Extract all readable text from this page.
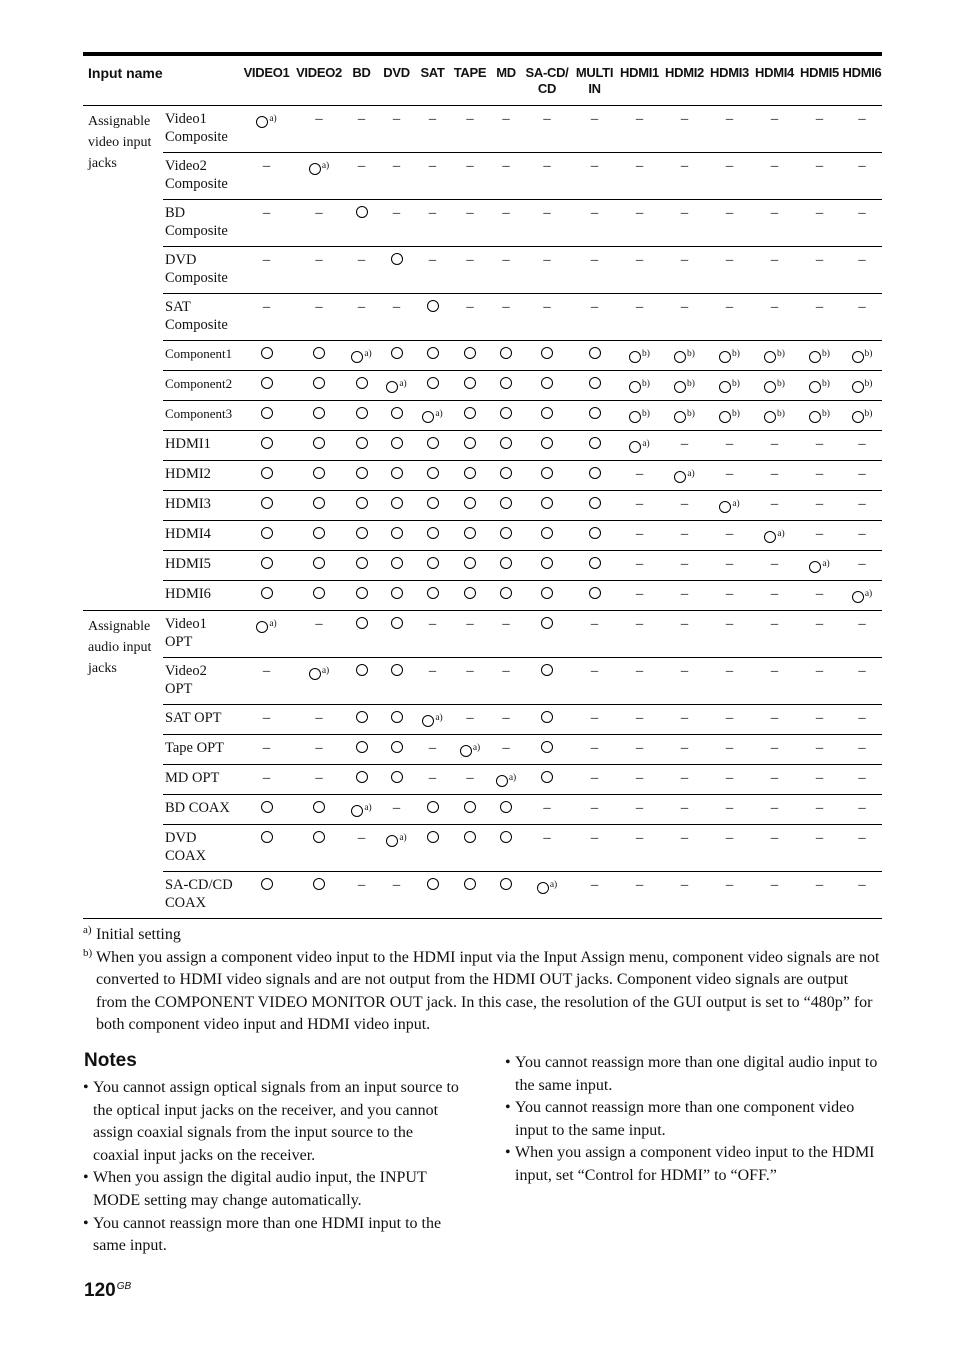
Input name		VIDEO1	VIDEO2	BD	DVD	SAT	TAPE	MD	SA-CD/
CD	MULTI
IN	HDMI1	HDMI2	HDMI3	HDMI4	HDMI5	HDMI6
Assignable
video input
jacks	Video1
Composite	$^{a)}$	–	–	–	–	–	–	–	–	–	–	–	–	–	–
	Video2
Composite	–	$^{a)}$	–	–	–	–	–	–	–	–	–	–	–	–	–
	BD
Composite	–	–		–	–	–	–	–	–	–	–	–	–	–	–
	DVD
Composite	–	–	–		–	–	–	–	–	–	–	–	–	–	–
	SAT
Composite	–	–	–	–		–	–	–	–	–	–	–	–	–	–
	Component1			$^{a)}$							$^{b)}$	$^{b)}$	$^{b)}$	$^{b)}$	$^{b)}$	$^{b)}$
	Component2				$^{a)}$						$^{b)}$	$^{b)}$	$^{b)}$	$^{b)}$	$^{b)}$	$^{b)}$
	Component3					$^{a)}$					$^{b)}$	$^{b)}$	$^{b)}$	$^{b)}$	$^{b)}$	$^{b)}$
	HDMI1										$^{a)}$	–	–	–	–	–
	HDMI2										–	$^{a)}$	–	–	–	–
	HDMI3										–	–	$^{a)}$	–	–	–
	HDMI4										–	–	–	$^{a)}$	–	–
	HDMI5										–	–	–	–	$^{a)}$	–
	HDMI6										–	–	–	–	–	$^{a)}$
Assignable
audio input
jacks	Video1
OPT	$^{a)}$	–			–	–	–		–	–	–	–	–	–	–
	Video2
OPT	–	$^{a)}$			–	–	–		–	–	–	–	–	–	–
	SAT OPT	–	–			$^{a)}$	–	–		–	–	–	–	–	–	–
	Tape OPT	–	–			–	$^{a)}$	–		–	–	–	–	–	–	–
	MD OPT	–	–			–	–	$^{a)}$		–	–	–	–	–	–	–
	BD COAX			$^{a)}$	–				–	–	–	–	–	–	–	–
	DVD
COAX			–	$^{a)}$				–	–	–	–	–	–	–	–
	SA-CD/CD
COAX			–	–				$^{a)}$	–	–	–	–	–	–	–
a) Initial setting
b) When you assign a component video input to the HDMI input via the Input Assign menu, component video signals are not converted to HDMI video signals and are not output from the HDMI OUT jacks. Component video signals are output from the COMPONENT VIDEO MONITOR OUT jack. In this case, the resolution of the GUI output is set to “480p” for both component video input and HDMI video input.
Notes

• You cannot assign optical signals from an input source to the optical input jacks on the receiver, and you cannot assign coaxial signals from the input source to the coaxial input jacks on the receiver.

• When you assign the digital audio input, the INPUT MODE setting may change automatically.

• You cannot reassign more than one HDMI input to the same input.

• You cannot reassign more than one digital audio input to the same input.

• You cannot reassign more than one component video input to the same input.

• When you assign a component video input to the HDMI input, set “Control for HDMI” to “OFF.”

$120^{GB}$
